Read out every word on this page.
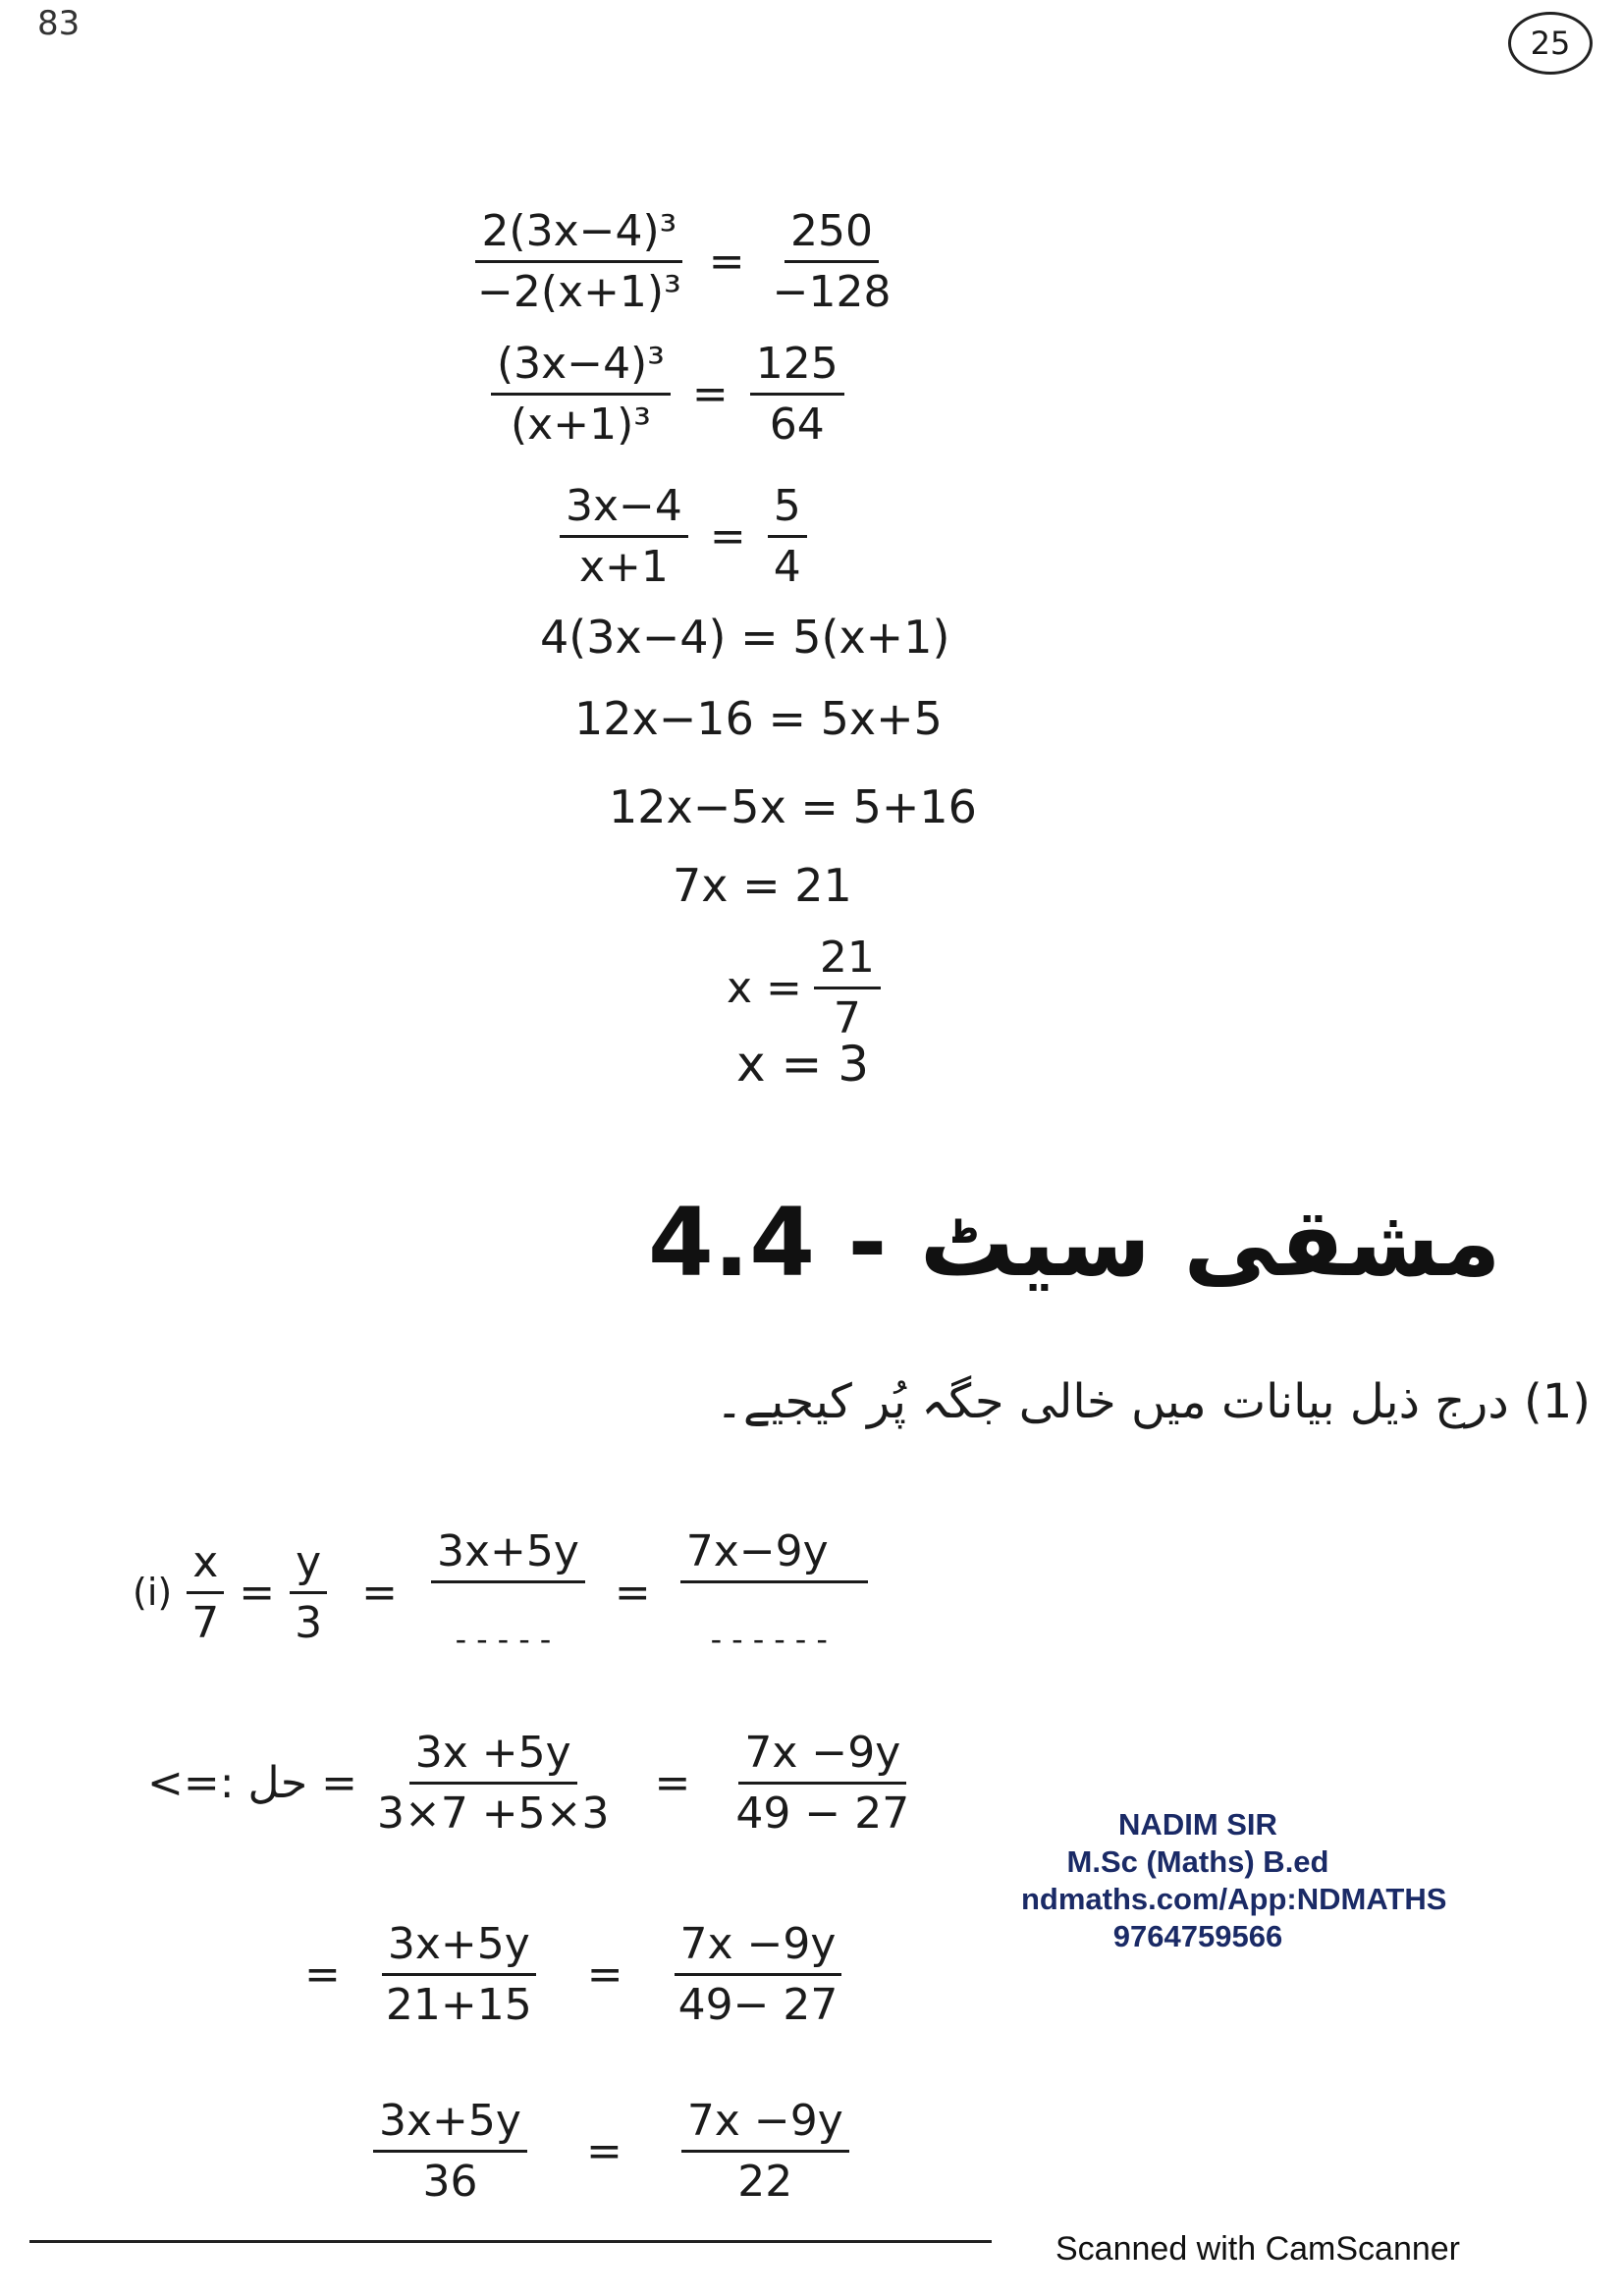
83	25
$\frac{\text{2(3x−4)³}}{\text{−2(x+1)³}} = \frac{250}{-128}$
$\frac{\text{(3x−4)³}}{\text{(x+1)³}} = \frac{125}{64}$
$\frac{3x-4}{x+1} = \frac{5}{4}$
4(3x−4) = 5(x+1)
12x−16 = 5x+5
12x−5x = 5+16
7x = 21
$x = \frac{21}{7}$
x = 3
مشقی سیٹ - 4.4
(1) درج ذیل بیانات میں خالی جگہ پُر کیجیے۔
$(i) \frac{x}{7} = \frac{y}{3} = \frac{3x+5y}{-----} = \frac{7x-9y}{------}$
حل :=> = $\frac{3x +5y}{3\times 7 +5\times 3} = \frac{7x -9y}{49 - 27}$
= $\frac{3x+5y}{21+15} = \frac{7x -9y}{49- 27}$
$\frac{3x+5y}{36} = \frac{7x -9y}{22}$
NADIM SIR
M.Sc (Maths) B.ed
ndmaths.com/App:NDMATHS
9764759566
Scanned with CamScanner
